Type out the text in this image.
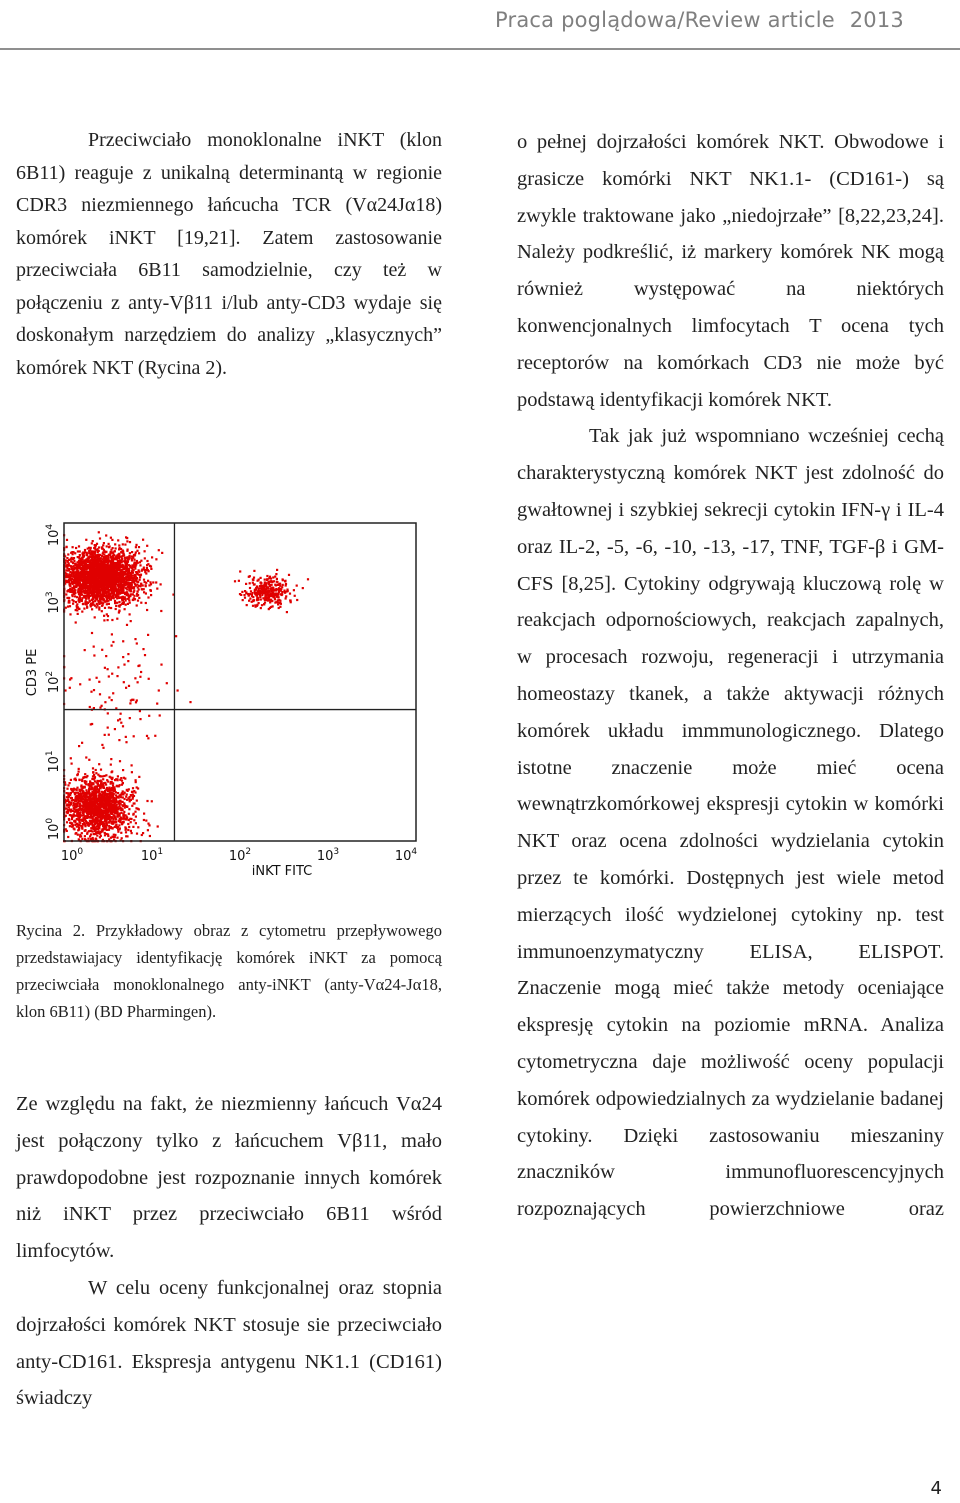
Praca poglądowa/Review article 2013

Przeciwciało monoklonalne iNKT (klon 6B11) reaguje z unikalną determinantą w regionie CDR3 niezmiennego łańcucha TCR (Vα24Jα18) komórek iNKT [19,21]. Zatem zastosowanie przeciwciała 6B11 samodzielnie, czy też w połączeniu z anty-Vβ11 i/lub anty-CD3 wydaje się doskonałym narzędziem do analizy „klasycznych” komórek NKT (Rycina 2).

$10^0$
$10^1$
$10^2$
$10^3$
$10^4$
$10^0$	$10^1$	$10^2$	$10^3$	$10^4$
CD3 PE
iNKT FITC

Rycina 2. Przykładowy obraz z cytometru przepływowego przedstawiajacy identyfikację komórek iNKT za pomocą przeciwciała monoklonalnego anty-iNKT (anty-Vα24-Jα18, klon 6B11) (BD Pharmingen).

Ze względu na fakt, że niezmienny łańcuch Vα24 jest połączony tylko z łańcuchem Vβ11, mało prawdopodobne jest rozpoznanie innych komórek niż iNKT przez przeciwciało 6B11 wśród limfocytów.

W celu oceny funkcjonalnej oraz stopnia dojrzałości komórek NKT stosuje sie przeciwciało anty-CD161. Ekspresja antygenu NK1.1 (CD161) świadczy

o pełnej dojrzałości komórek NKT. Obwodowe i grasicze komórki NKT NK1.1- (CD161-) są zwykle traktowane jako „niedojrzałe” [8,22,23,24]. Należy podkreślić, iż markery komórek NK mogą również występować na niektórych konwencjonalnych limfocytach T ocena tych receptorów na komórkach CD3 nie może być podstawą identyfikacji komórek NKT.

Tak jak już wspomniano wcześniej cechą charakterystyczną komórek NKT jest zdolność do gwałtownej i szybkiej sekrecji cytokin IFN-γ i IL-4 oraz IL-2, -5, -6, -10, -13, -17, TNF, TGF-β i GM-CFS [8,25]. Cytokiny odgrywają kluczową rolę w reakcjach odpornościowych, reakcjach zapalnych, w procesach rozwoju, regeneracji i utrzymania homeostazy tkanek, a także aktywacji różnych komórek układu immmunologicznego. Dlatego istotne znaczenie może mieć ocena wewnątrzkomórkowej ekspresji cytokin w komórki NKT oraz ocena zdolności wydzielania cytokin przez te komórki. Dostępnych jest wiele metod mierzących ilość wydzielonej cytokiny np. test immunoenzymatyczny ELISA, ELISPOT. Znaczenie mogą mieć także metody oceniające ekspresję cytokin na poziomie mRNA. Analiza cytometryczna daje możliwość oceny populacji komórek odpowiedzialnych za wydzielanie badanej cytokiny. Dzięki zastosowaniu mieszaniny znaczników immunofluorescencyjnych rozpoznających powierzchniowe oraz

4
